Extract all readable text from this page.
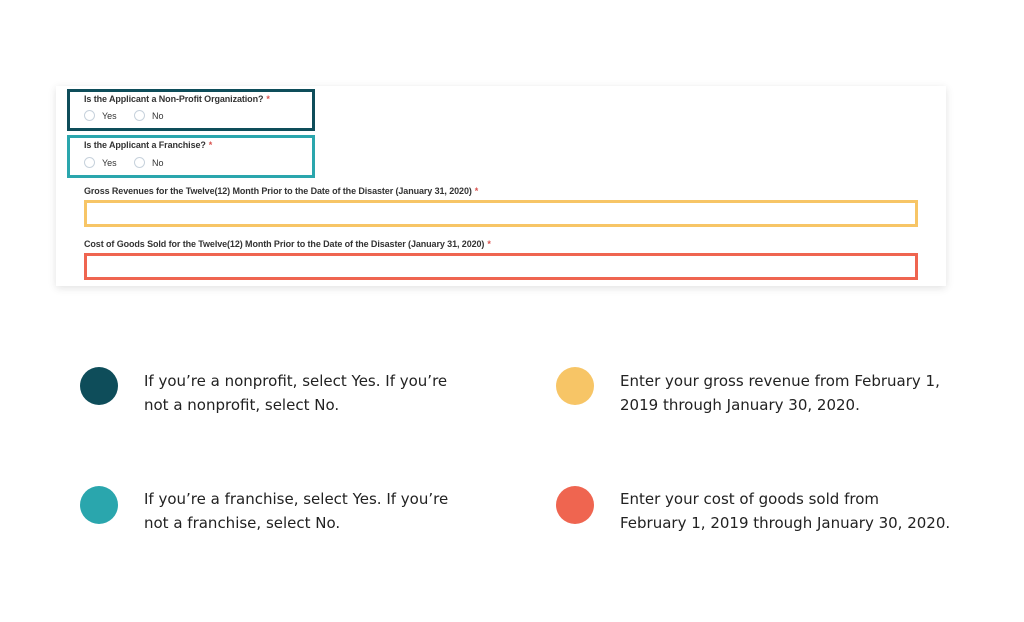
Is the Applicant a Non-Profit Organization? *
Yes	No
Is the Applicant a Franchise? *
Yes	No
Gross Revenues for the Twelve(12) Month Prior to the Date of the Disaster (January 31, 2020) *
Cost of Goods Sold for the Twelve(12) Month Prior to the Date of the Disaster (January 31, 2020) *
If you’re a nonprofit, select Yes. If you’re
not a nonprofit, select No.
Enter your gross revenue from February 1,
2019 through January 30, 2020.
If you’re a franchise, select Yes. If you’re
not a franchise, select No.
Enter your cost of goods sold from
February 1, 2019 through January 30, 2020.
